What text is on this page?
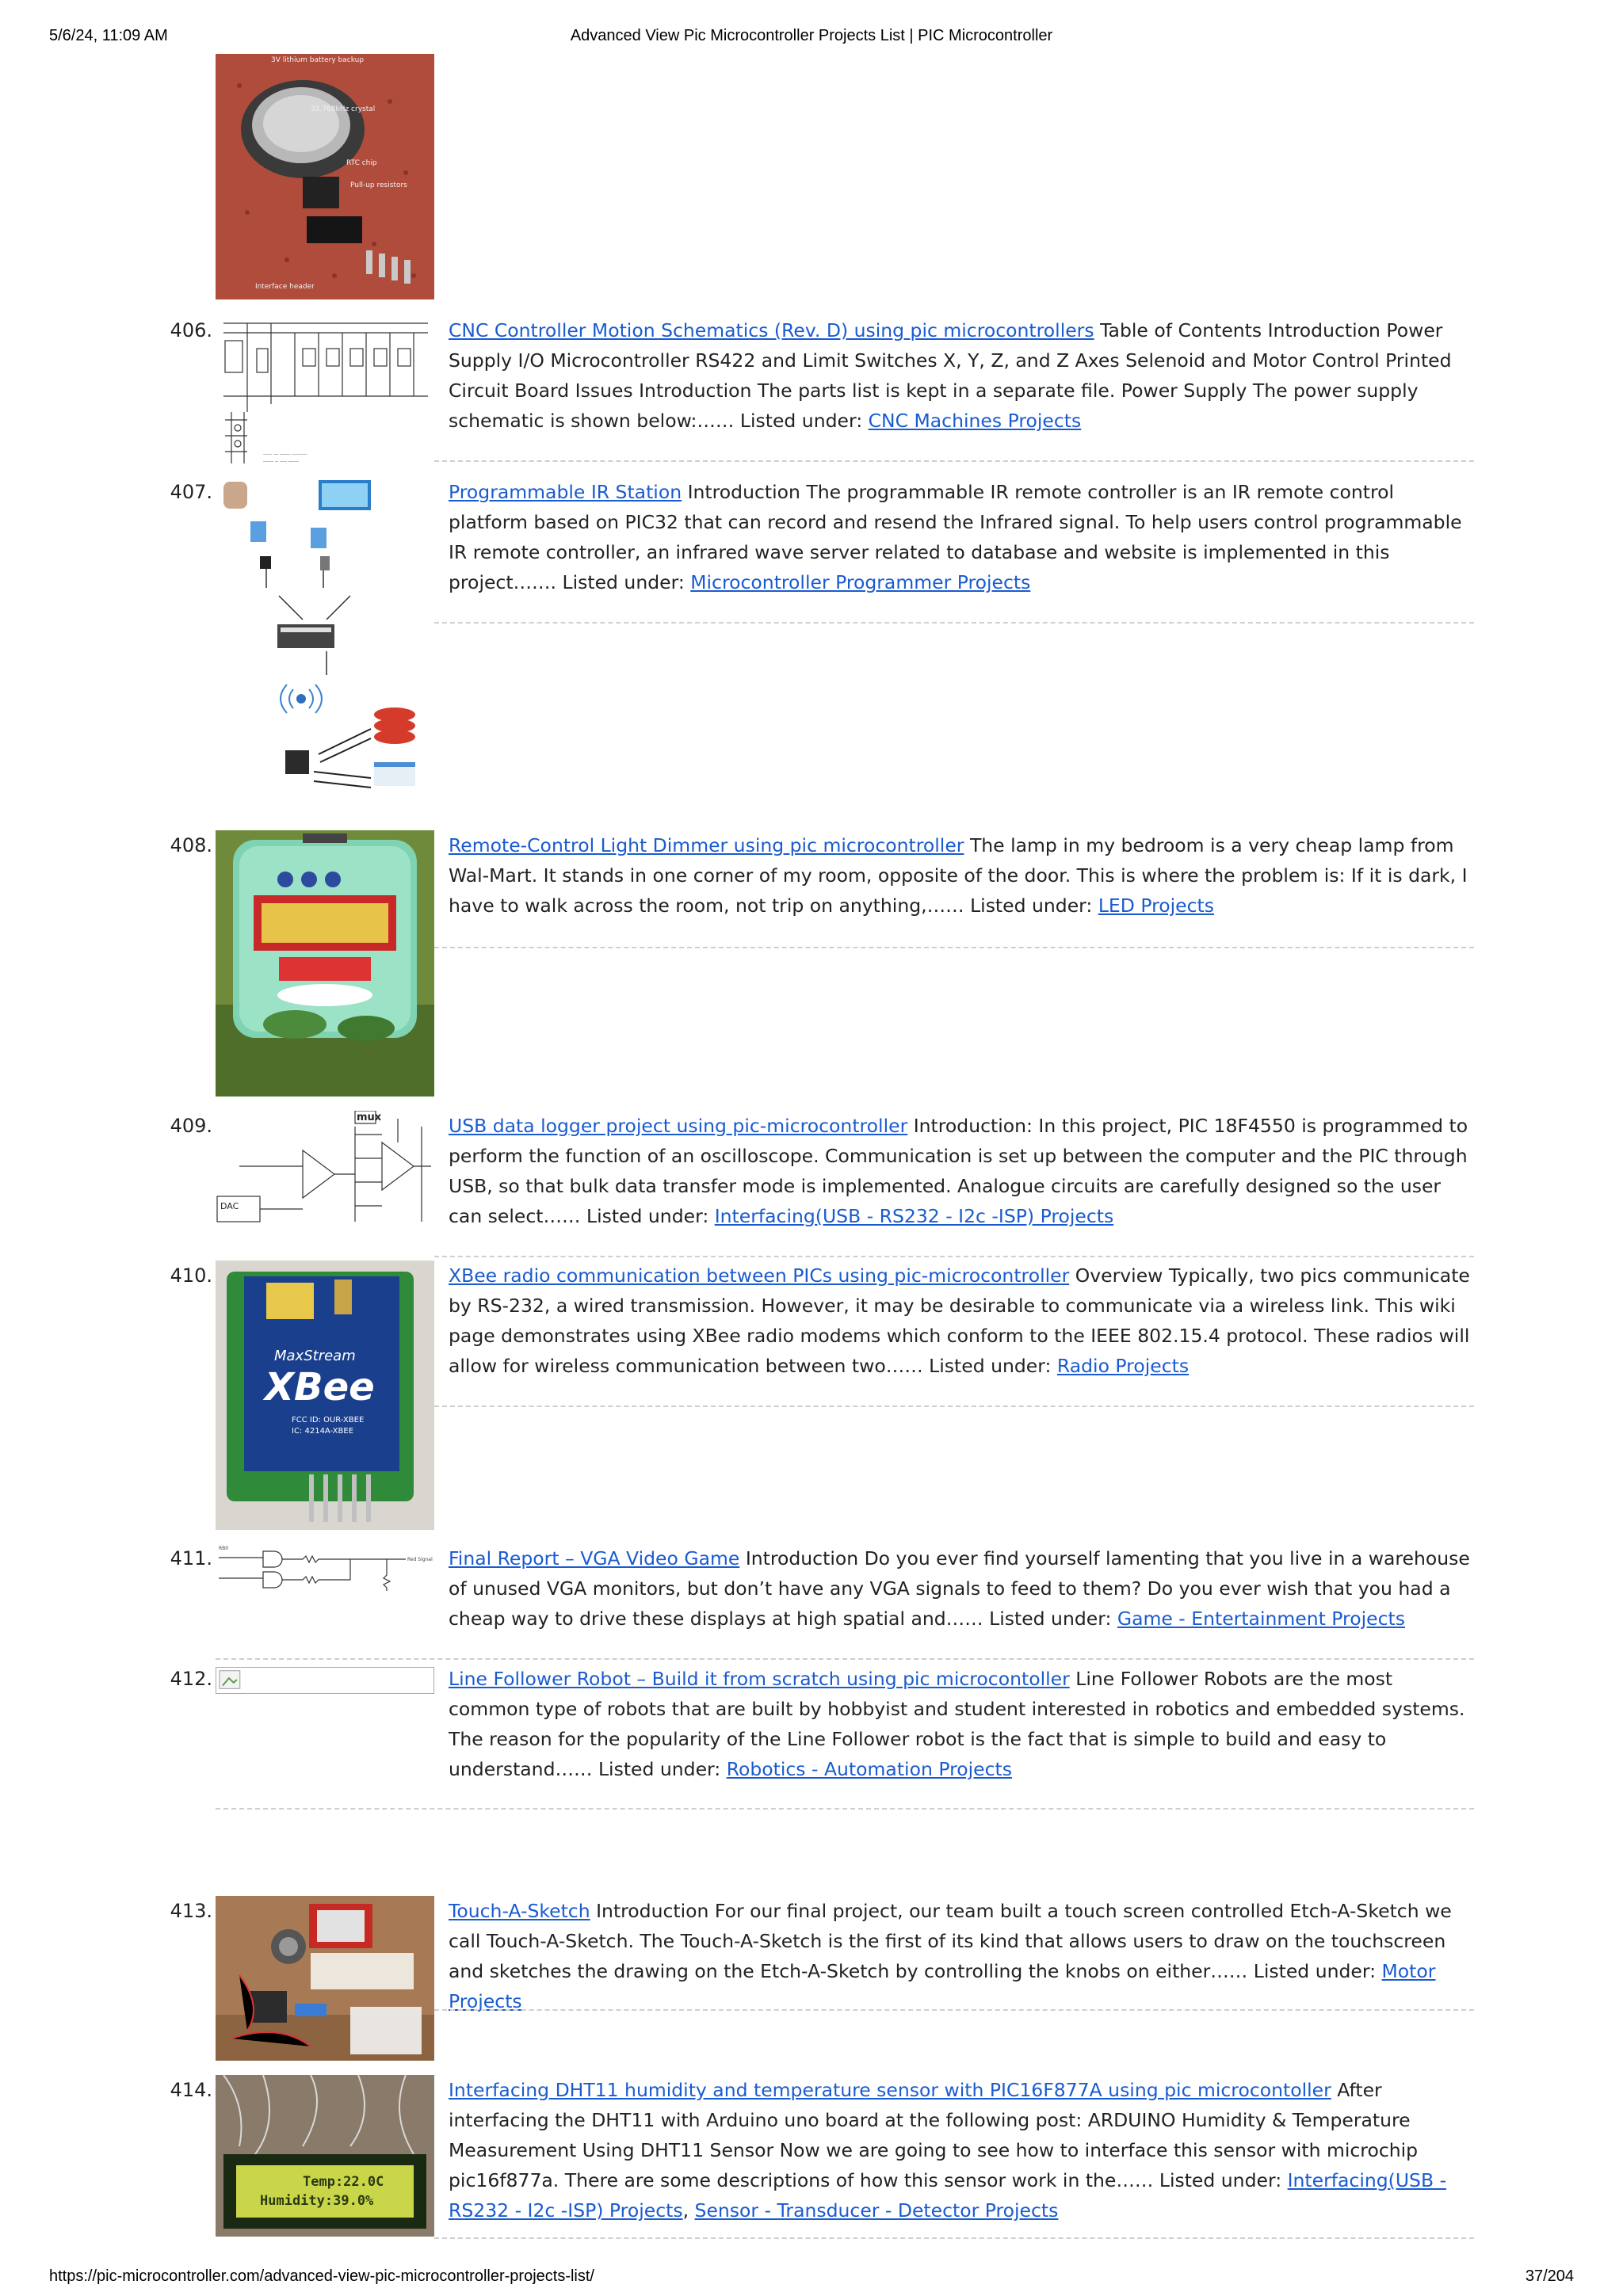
5/6/24, 11:09 AM	Advanced View Pic Microcontroller Projects List | PIC Microcontroller
3V lithium battery backup
32.768kHz crystal
RTC chip
Pull-up resistors
Interface header
406.
----- --- ------ ---------
------ -- ---- ------
CNC Controller Motion Schematics (Rev. D) using pic microcontrollers Table of Contents Introduction Power Supply I/O Microcontroller RS422 and Limit Switches X, Y, Z, and Z Axes Selenoid and Motor Control Printed Circuit Board Issues Introduction The parts list is kept in a separate file. Power Supply The power supply schematic is shown below:…… Listed under: CNC Machines Projects
407.	Programmable IR Station Introduction The programmable IR remote controller is an IR remote control platform based on PIC32 that can record and resend the Infrared signal. To help users control programmable IR remote controller, an infrared wave server related to database and website is implemented in this project……. Listed under: Microcontroller Programmer Projects
408.	Remote-Control Light Dimmer using pic microcontroller The lamp in my bedroom is a very cheap lamp from Wal-Mart. It stands in one corner of my room, opposite of the door. This is where the problem is: If it is dark, I have to walk across the room, not trip on anything,…… Listed under: LED Projects
409.
DAC
mux	USB data logger project using pic-microcontroller Introduction: In this project, PIC 18F4550 is programmed to perform the function of an oscilloscope. Communication is set up between the computer and the PIC through USB, so that bulk data transfer mode is implemented. Analogue circuits are carefully designed so the user can select…… Listed under: Interfacing(USB - RS232 - I2c -ISP) Projects
410.
MaxStream
XBee
FCC ID: OUR-XBEE
IC: 4214A-XBEE
XBee radio communication between PICs using pic-microcontroller Overview Typically, two pics communicate by RS-232, a wired transmission. However, it may be desirable to communicate via a wireless link. This wiki page demonstrates using XBee radio modems which conform to the IEEE 802.15.4 protocol. These radios will allow for wireless communication between two…… Listed under: Radio Projects
411. RB0
Red Signal Final Report – VGA Video Game Introduction Do you ever find yourself lamenting that you live in a warehouse of unused VGA monitors, but don’t have any VGA signals to feed to them? Do you ever wish that you had a cheap way to drive these displays at high spatial and…… Listed under: Game - Entertainment Projects
412.	Line Follower Robot – Build it from scratch using pic microcontoller Line Follower Robots are the most common type of robots that are built by hobbyist and student interested in robotics and embedded systems. The reason for the popularity of the Line Follower robot is the fact that is simple to build and easy to understand…… Listed under: Robotics - Automation Projects
413.	Touch-A-Sketch Introduction For our final project, our team built a touch screen controlled Etch-A-Sketch we call Touch-A-Sketch. The Touch-A-Sketch is the first of its kind that allows users to draw on the touchscreen and sketches the drawing on the Etch-A-Sketch by controlling the knobs on either…… Listed under: Motor Projects
414.
Temp:22.0C
Humidity:39.0%
Interfacing DHT11 humidity and temperature sensor with PIC16F877A using pic microcontoller After interfacing the DHT11 with Arduino uno board at the following post: ARDUINO Humidity & Temperature Measurement Using DHT11 Sensor Now we are going to see how to interface this sensor with microchip pic16f877a. There are some descriptions of how this sensor work in the…… Listed under: Interfacing(USB - RS232 - I2c -ISP) Projects, Sensor - Transducer - Detector Projects
https://pic-microcontroller.com/advanced-view-pic-microcontroller-projects-list/	37/204
